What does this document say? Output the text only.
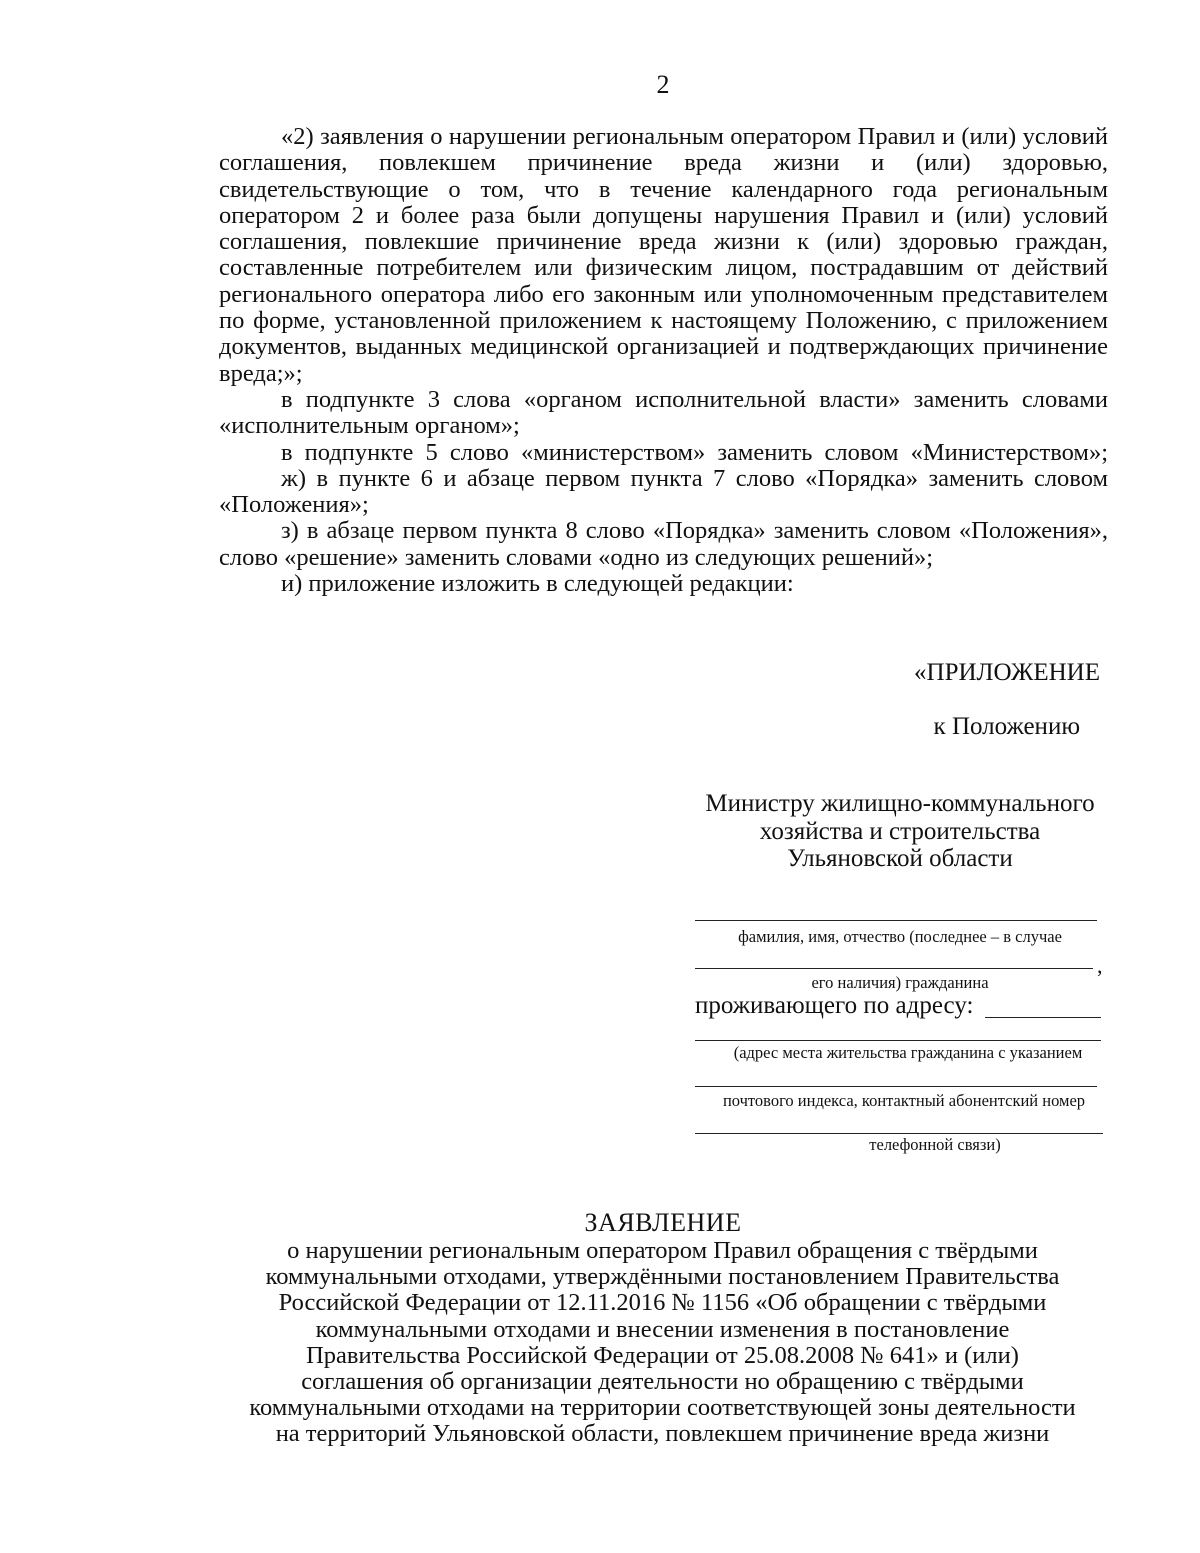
2

«2) заявления о нарушении региональным оператором Правил и (или) условий соглашения, повлекшем причинение вреда жизни и (или) здоровью, свидетельствующие о том, что в течение календарного года региональным оператором 2 и более раза были допущены нарушения Правил и (или) условий соглашения, повлекшие причинение вреда жизни к (или) здоровью граждан, составленные потребителем или физическим лицом, пострадавшим от действий регионального оператора либо его законным или уполномоченным представителем по форме, установленной приложением к настоящему Положению, с приложением документов, выданных медицинской организацией и подтверждающих причинение вреда;»;

в подпункте 3 слова «органом исполнительной власти» заменить словами «исполнительным органом»;

в подпункте 5 слово «министерством» заменить словом «Министерством»;

ж) в пункте 6 и абзаце первом пункта 7 слово «Порядка» заменить словом «Положения»;

з) в абзаце первом пункта 8 слово «Порядка» заменить словом «Положения», слово «решение» заменить словами «одно из следующих решений»;

и) приложение изложить в следующей редакции:

«ПРИЛОЖЕНИЕ
к Положению
Министру жилищно-коммунального
хозяйства и строительства
Ульяновской области
фамилия, имя, отчество (последнее – в случае
,
его наличия) гражданина
проживающего по адресу:
(адрес места жительства гражданина с указанием
почтового индекса, контактный абонентский номер
телефонной связи)
ЗАЯВЛЕНИЕ
о нарушении региональным оператором Правил обращения с твёрдыми
коммунальными отходами, утверждёнными постановлением Правительства
Российской Федерации от 12.11.2016 № 1156 «Об обращении с твёрдыми
коммунальными отходами и внесении изменения в постановление
Правительства Российской Федерации от 25.08.2008 № 641» и (или)
соглашения об организации деятельности но обращению с твёрдыми
коммунальными отходами на территории соответствующей зоны деятельности
на территорий Ульяновской области, повлекшем причинение вреда жизни
